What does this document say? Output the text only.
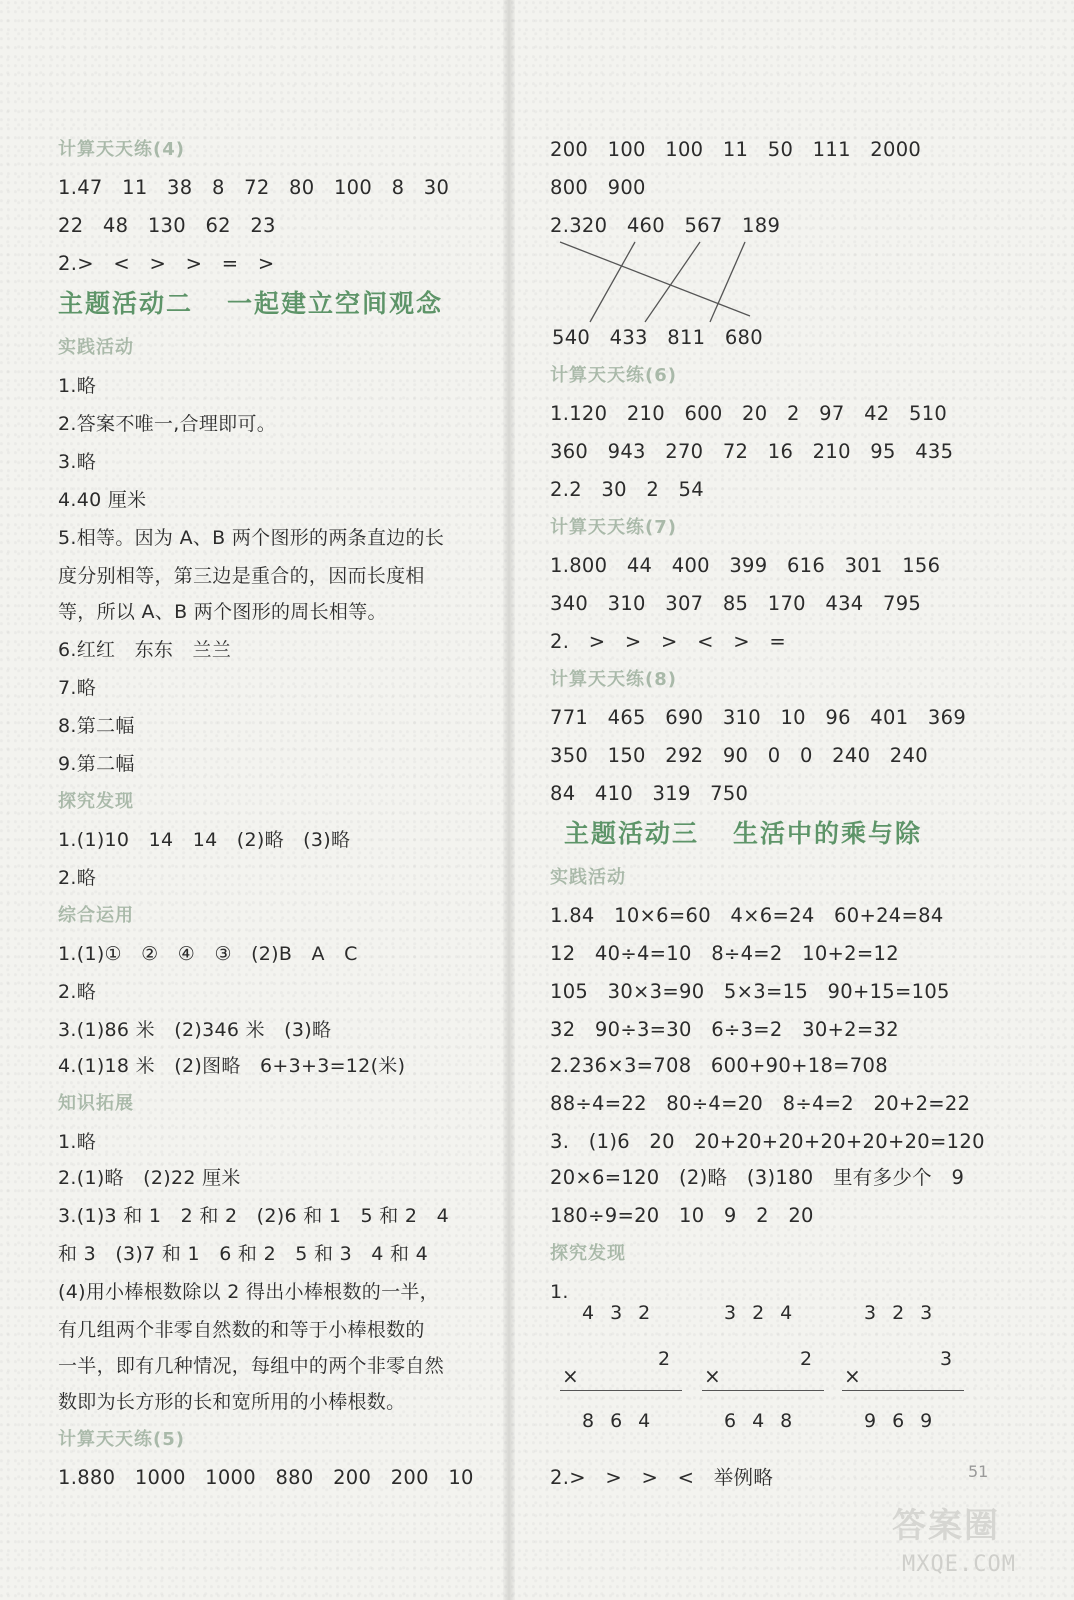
计算天天练(4)
1.47 11 38 8 72 80 100 8 30
22 48 130 62 23
2.> < > > = >
主题活动二 一起建立空间观念
实践活动
1.略
2.答案不唯一,合理即可。
3.略
4.40 厘米
5.相等。因为 A、B 两个图形的两条直边的长
度分别相等，第三边是重合的，因而长度相
等，所以 A、B 两个图形的周长相等。
6.红红　东东　兰兰
7.略
8.第二幅
9.第二幅
探究发现
1.(1)10　14　14　(2)略　(3)略
2.略
综合运用
1.(1)①　②　④　③　(2)B　A　C
2.略
3.(1)86 米　(2)346 米　(3)略
4.(1)18 米　(2)图略　6+3+3=12(米)
知识拓展
1.略
2.(1)略　(2)22 厘米
3.(1)3 和 1　2 和 2　(2)6 和 1　5 和 2　4
和 3　(3)7 和 1　6 和 2　5 和 3　4 和 4
(4)用小棒根数除以 2 得出小棒根数的一半，
有几组两个非零自然数的和等于小棒根数的
一半，即有几种情况，每组中的两个非零自然
数即为长方形的长和宽所用的小棒根数。
计算天天练(5)
1.880 1000 1000 880 200 200 10
200 100 100 11 50 111 2000
800 900
2.320 460 567 189
540 433 811 680
计算天天练(6)
1.120 210 600 20 2 97 42 510
360 943 270 72 16 210 95 435
2.2 30 2 54
计算天天练(7)
1.800 44 400 399 616 301 156
340 310 307 85 170 434 795
2. > > > < > =
计算天天练(8)
771 465 690 310 10 96 401 369
350 150 292 90 0 0 240 240
84 410 319 750
主题活动三 生活中的乘与除
实践活动
1.84 10×6=60 4×6=24 60+24=84
12 40÷4=10 8÷4=2 10+2=12
105 30×3=90 5×3=15 90+15=105
32 90÷3=30 6÷3=2 30+2=32
2.236×3=708 600+90+18=708
88÷4=22 80÷4=20 8÷4=2 20+2=22
3. (1)6 20 20+20+20+20+20+20=120
20×6=120 (2)略 (3)180 里有多少个 9
180÷9=20 10 9 2 20
探究发现
1.
2.> > > < 举例略
432
2
×
864
324
2
×
648
323
3
×
969
答案圈
MXQE.COM
51
